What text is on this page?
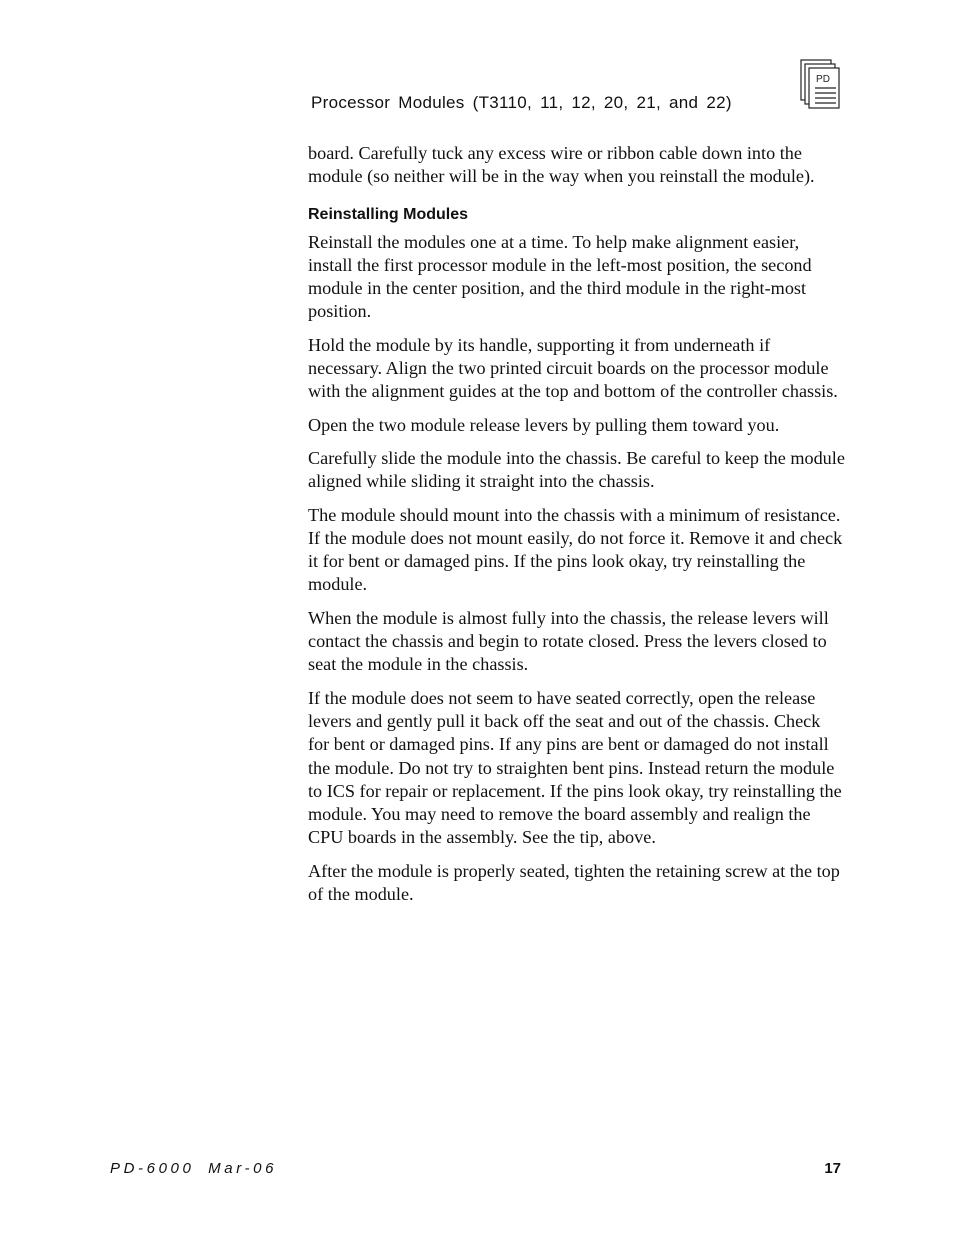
Processor Modules (T3110, 11, 12, 20, 21, and 22)
PD

board. Carefully tuck any excess wire or ribbon cable down into the module (so neither will be in the way when you reinstall the module).

Reinstalling Modules

Reinstall the modules one at a time. To help make alignment easier, install the first processor module in the left-most position, the second module in the center position, and the third module in the right-most position.

Hold the module by its handle, supporting it from underneath if necessary. Align the two printed circuit boards on the processor module with the alignment guides at the top and bottom of the controller chassis.

Open the two module release levers by pulling them toward you.

Carefully slide the module into the chassis. Be careful to keep the module aligned while sliding it straight into the chassis.

The module should mount into the chassis with a minimum of resistance. If the module does not mount easily, do not force it. Remove it and check it for bent or damaged pins. If the pins look okay, try reinstalling the module.

When the module is almost fully into the chassis, the release levers will contact the chassis and begin to rotate closed. Press the levers closed to seat the module in the chassis.

If the module does not seem to have seated correctly, open the release levers and gently pull it back off the seat and out of the chassis. Check for bent or damaged pins. If any pins are bent or damaged do not install the module. Do not try to straighten bent pins. Instead return the module to ICS for repair or replacement. If the pins look okay, try reinstalling the module. You may need to remove the board assembly and realign the CPU boards in the assembly. See the tip, above.

After the module is properly seated, tighten the retaining screw at the top of the module.

PD-6000 Mar-06	17
